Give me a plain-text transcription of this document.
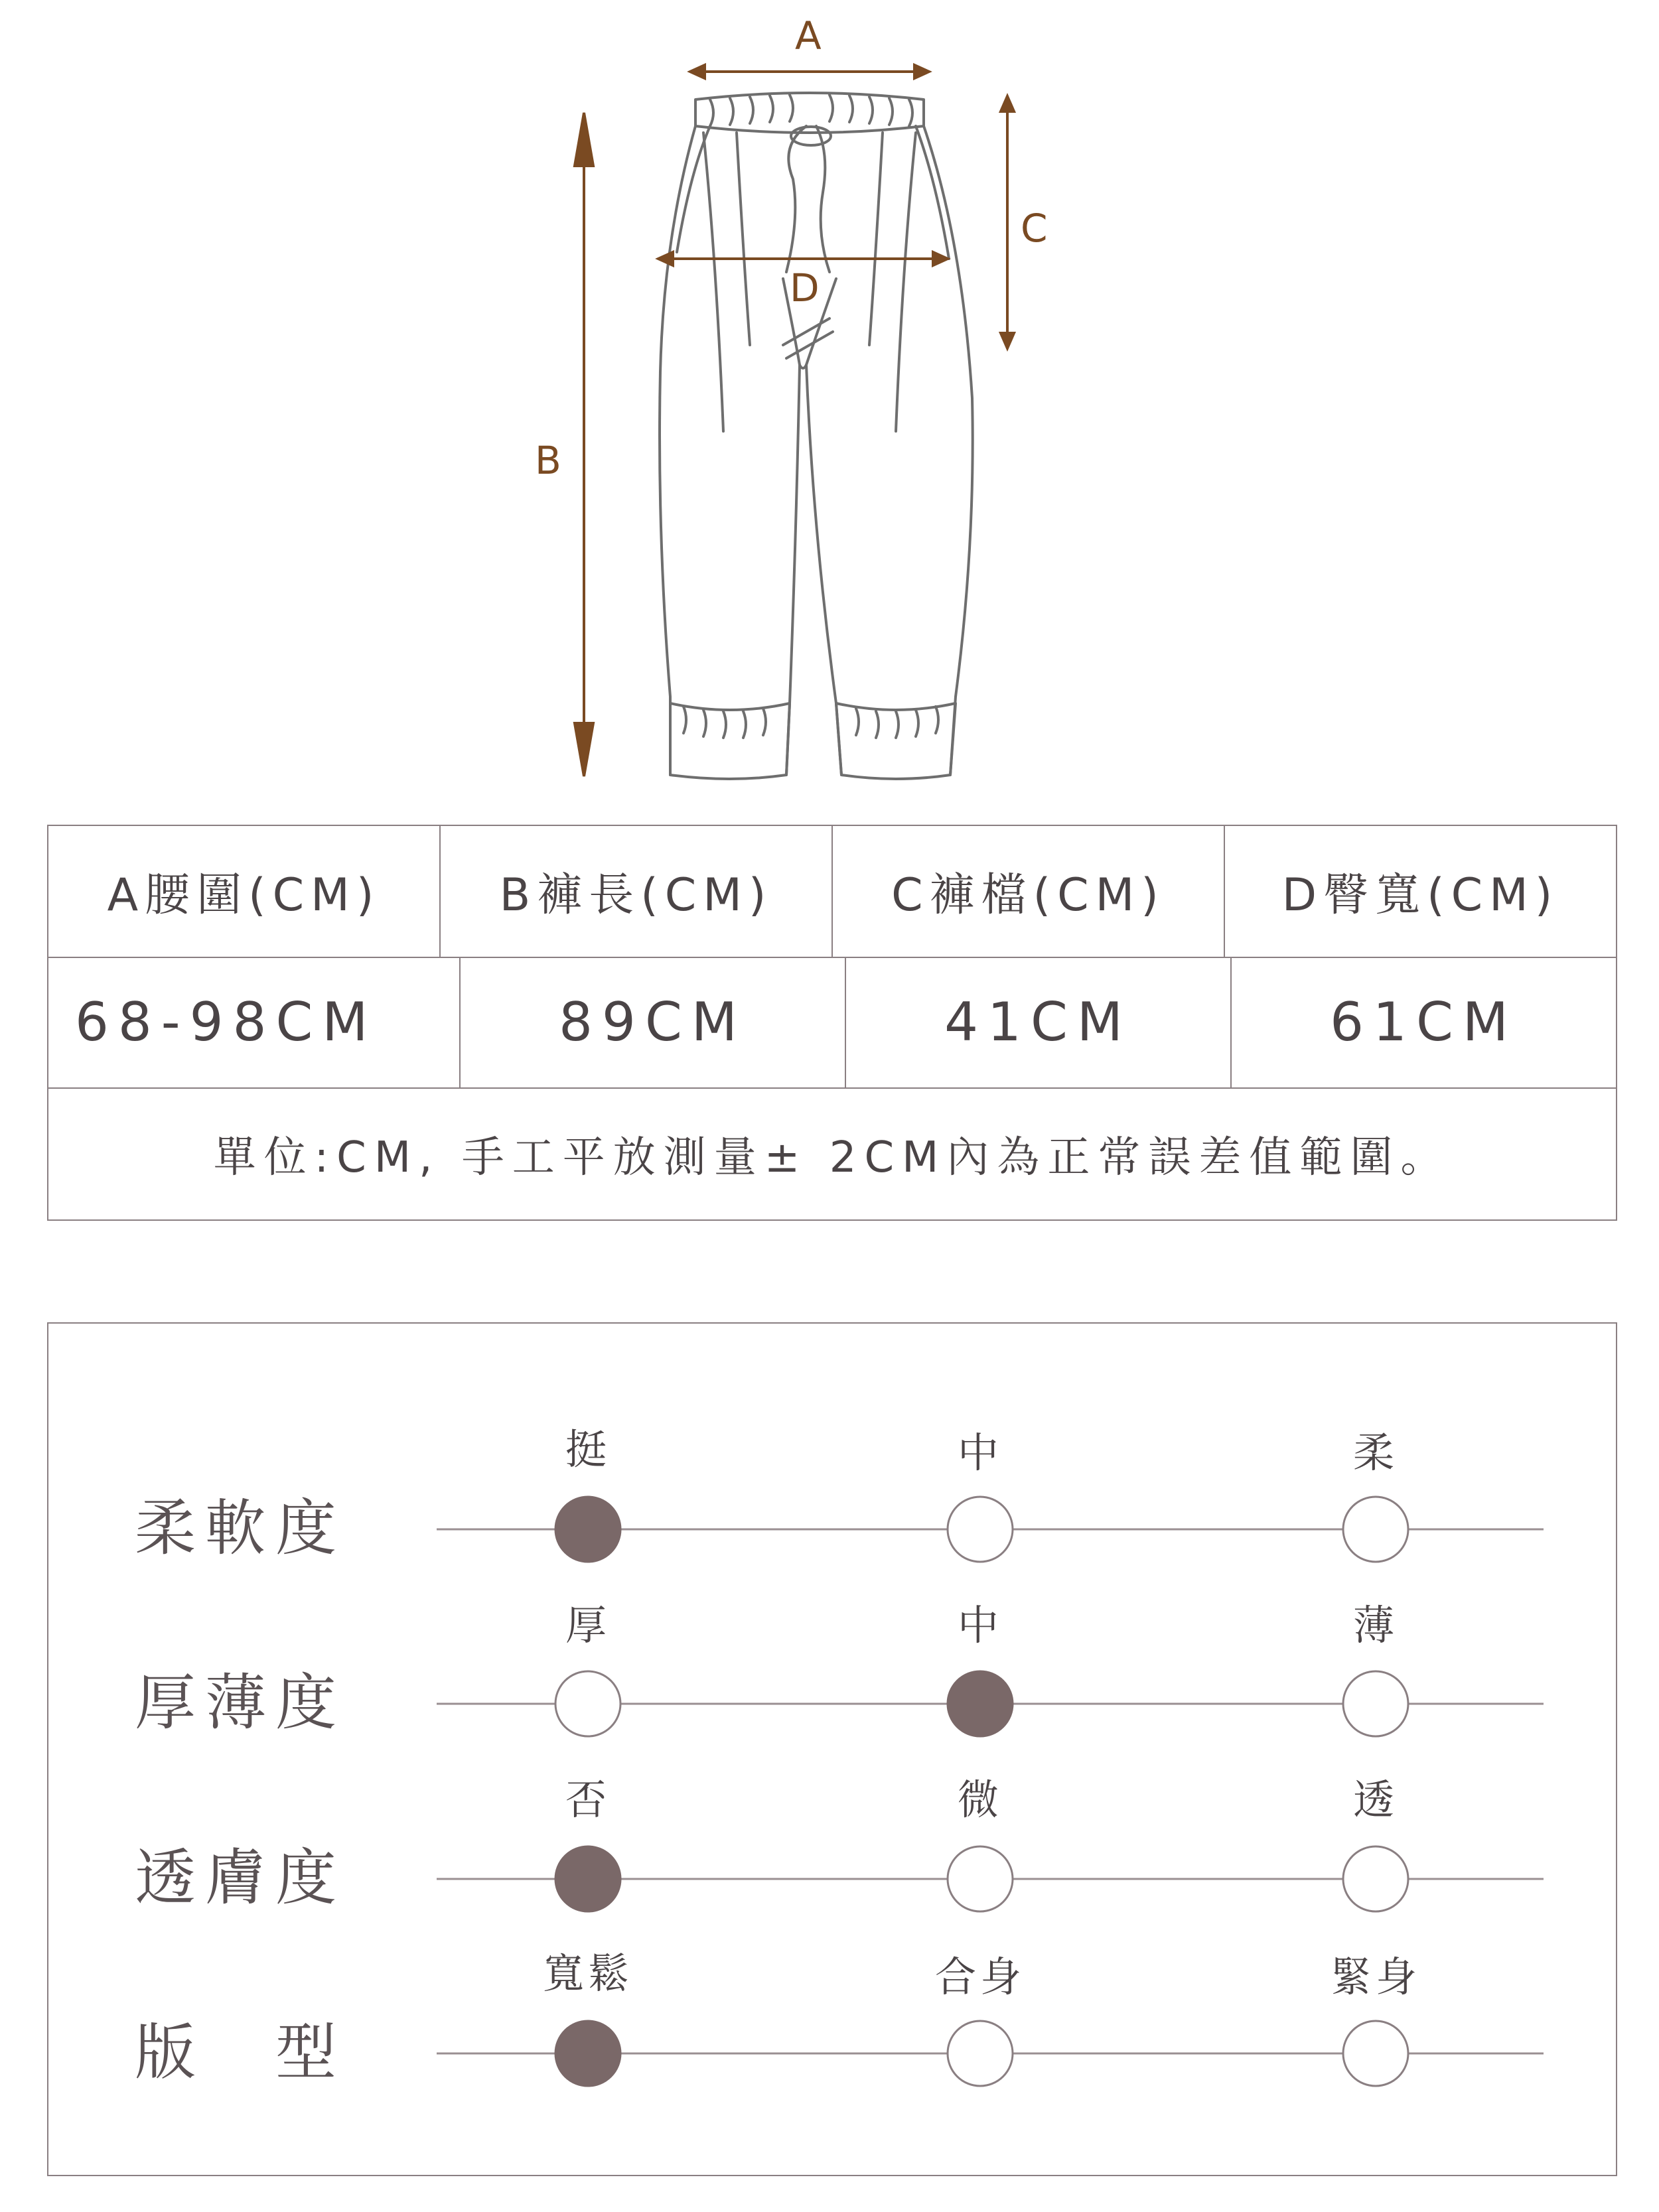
A
B
C
D
A腰圍(CM)	B褲長(CM)	C褲檔(CM)	D臀寬(CM)
68-98CM	89CM	41CM	61CM
單位:CM, 手工平放測量± 2CM內為正常誤差值範圍。
柔軟度
挺	中	柔
厚薄度
厚	中	薄
透膚度
否	微	透
版　型
寬鬆	合身	緊身
